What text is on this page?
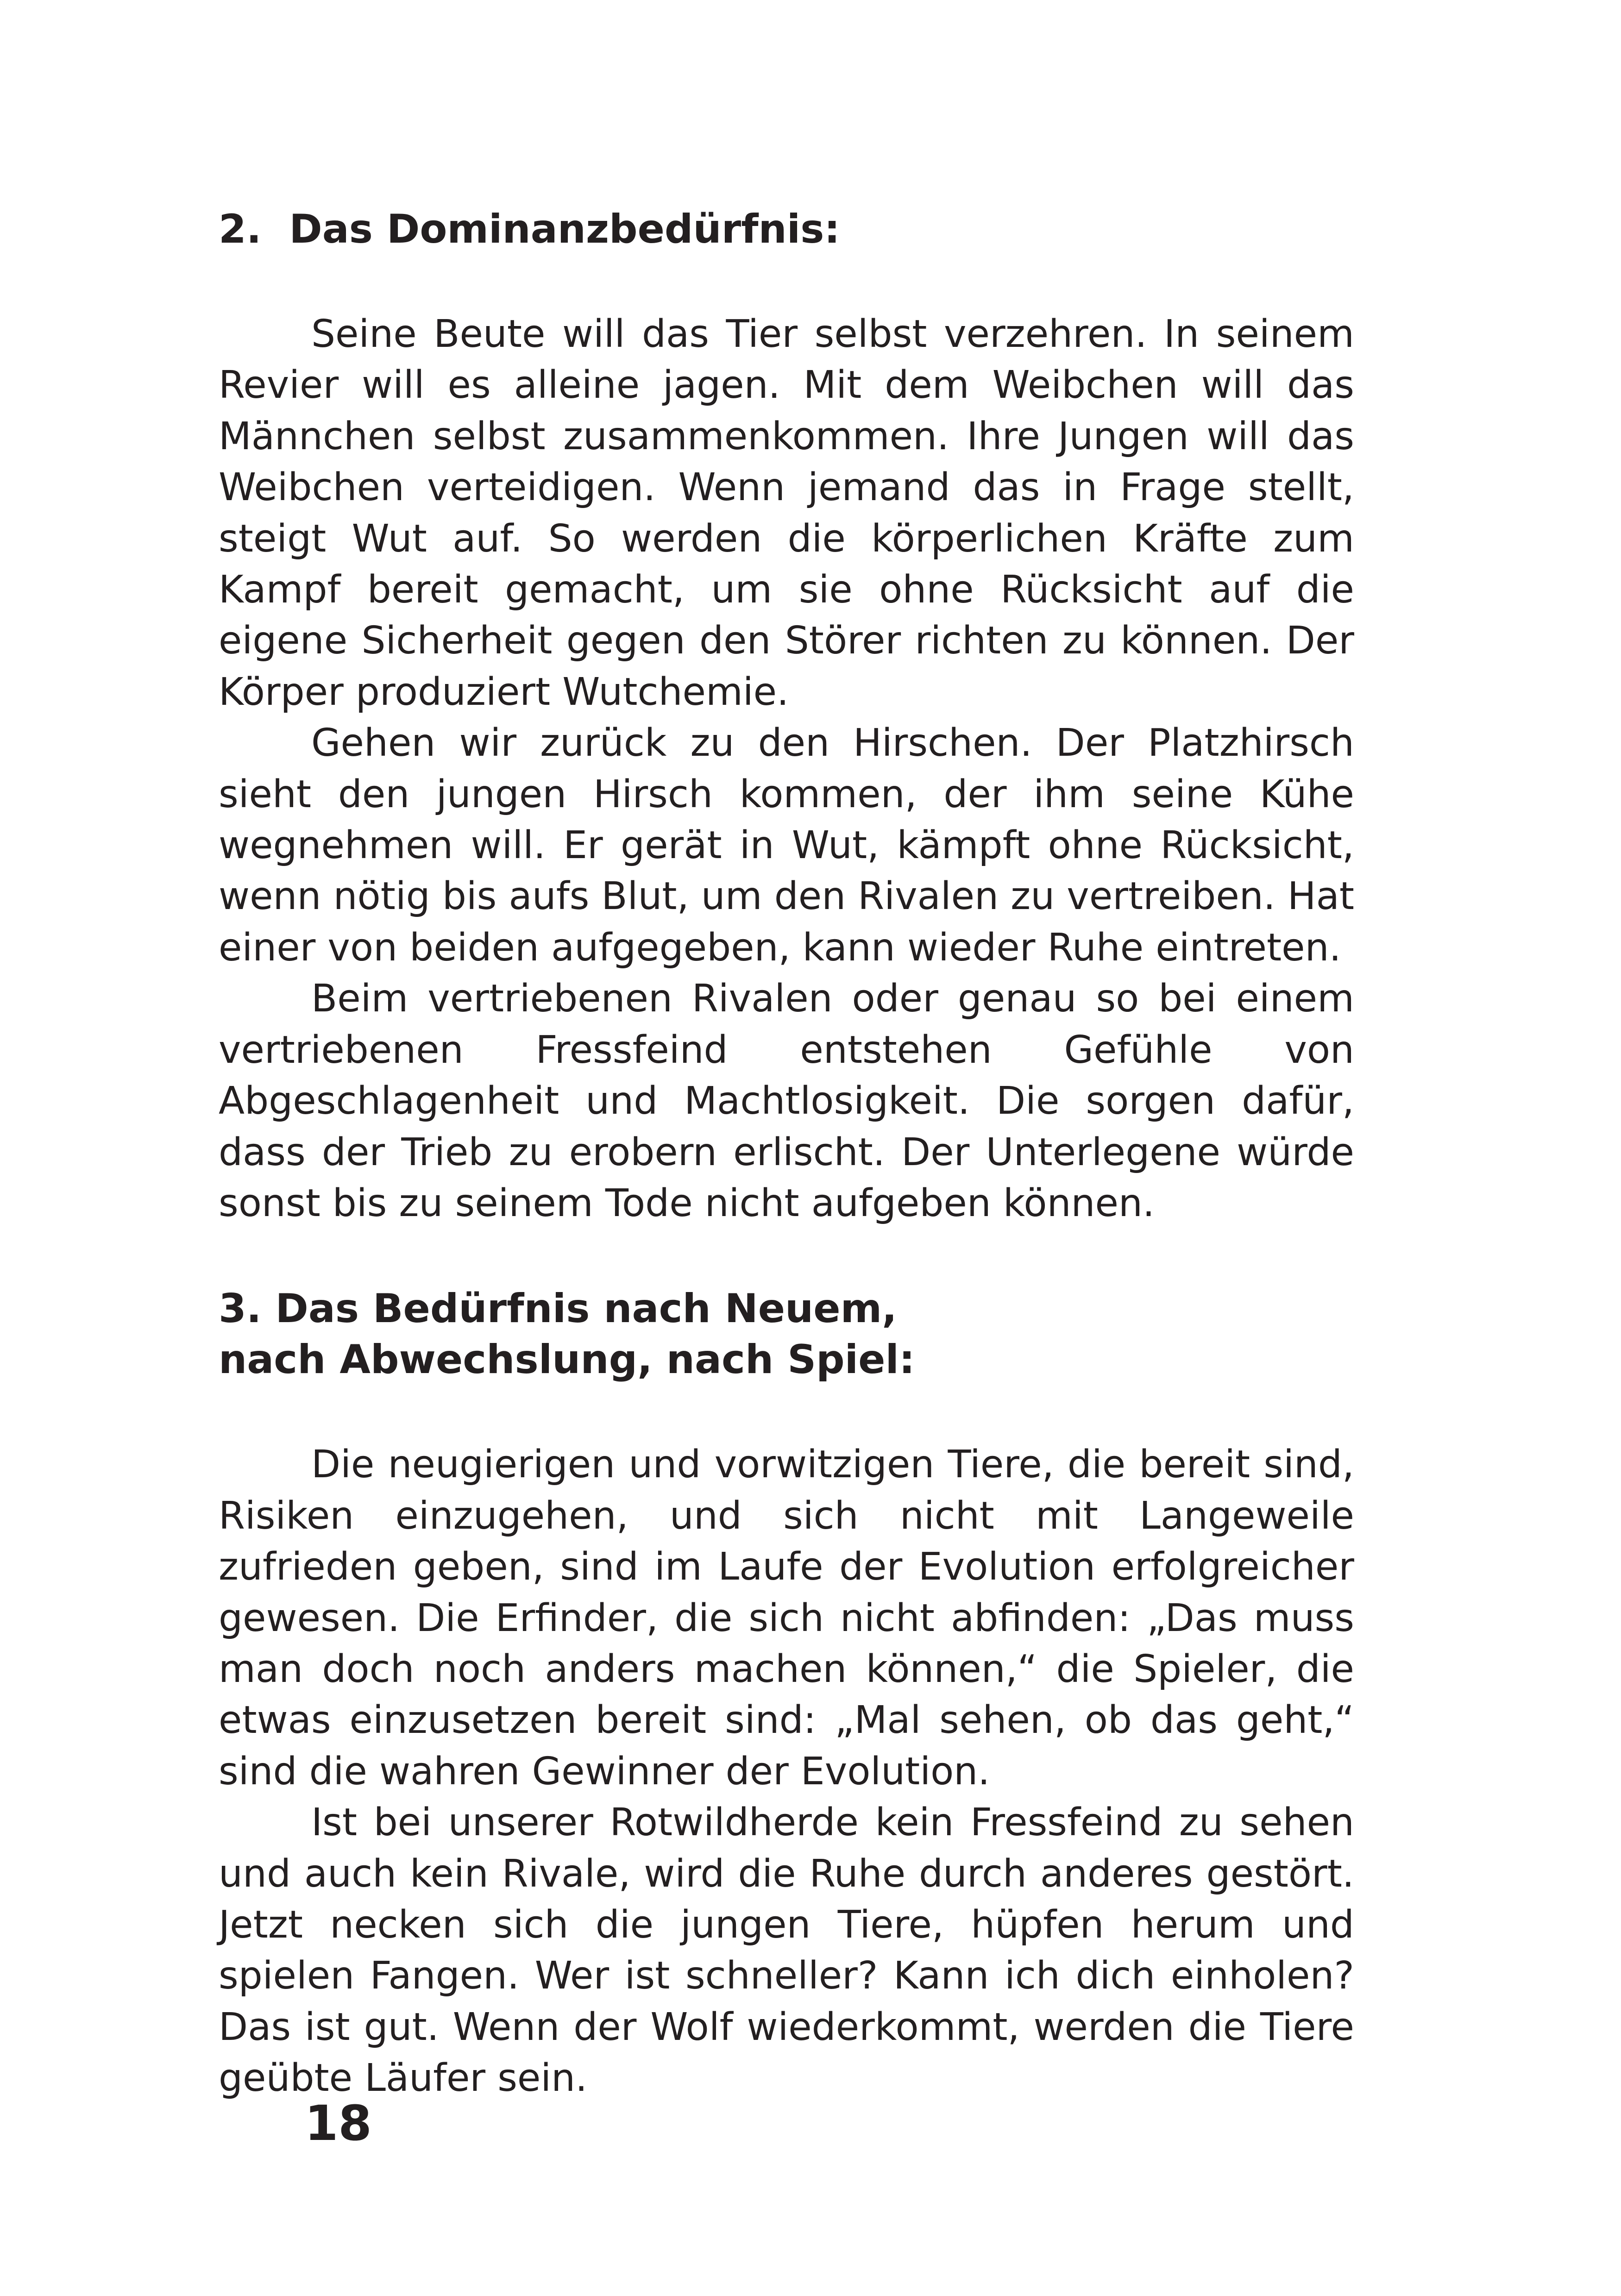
2.  Das Dominanzbedürfnis:

Seine Beute will das Tier selbst verzehren. In seinem Revier will es alleine jagen. Mit dem Weibchen will das Männchen selbst zusammenkommen. Ihre Jungen will das Weibchen verteidigen. Wenn jemand das in Frage stellt, steigt Wut auf. So werden die körperlichen Kräfte zum Kampf bereit gemacht, um sie ohne Rücksicht auf die eigene Sicherheit gegen den Störer richten zu können. Der Körper produziert Wutchemie.

Gehen wir zurück zu den Hirschen. Der Platzhirsch sieht den jungen Hirsch kommen, der ihm seine Kühe wegnehmen will. Er gerät in Wut, kämpft ohne Rücksicht, wenn nötig bis aufs Blut, um den Rivalen zu vertreiben. Hat einer von beiden aufgegeben, kann wieder Ruhe eintreten.

Beim vertriebenen Rivalen oder genau so bei einem vertriebenen Fressfeind entstehen Gefühle von Abgeschlagenheit und Machtlosigkeit. Die sorgen dafür, dass der Trieb zu erobern erlischt. Der Unterlegene würde sonst bis zu seinem Tode nicht aufgeben können.

3. Das Bedürfnis nach Neuem,
nach Abwechslung, nach Spiel:

Die neugierigen und vorwitzigen Tiere, die bereit sind, Risiken einzugehen, und sich nicht mit Langeweile zufrieden geben, sind im Laufe der Evolution erfolgreicher gewesen. Die Erfinder, die sich nicht abfinden: „Das muss man doch noch anders machen können,“ die Spieler, die etwas einzusetzen bereit sind: „Mal sehen, ob das geht,“ sind die wahren Gewinner der Evolution.

Ist bei unserer Rotwildherde kein Fressfeind zu sehen und auch kein Rivale, wird die Ruhe durch anderes gestört. Jetzt necken sich die jungen Tiere, hüpfen herum und spielen Fangen. Wer ist schneller? Kann ich dich einholen? Das ist gut. Wenn der Wolf wiederkommt, werden die Tiere geübte Läufer sein.

18
